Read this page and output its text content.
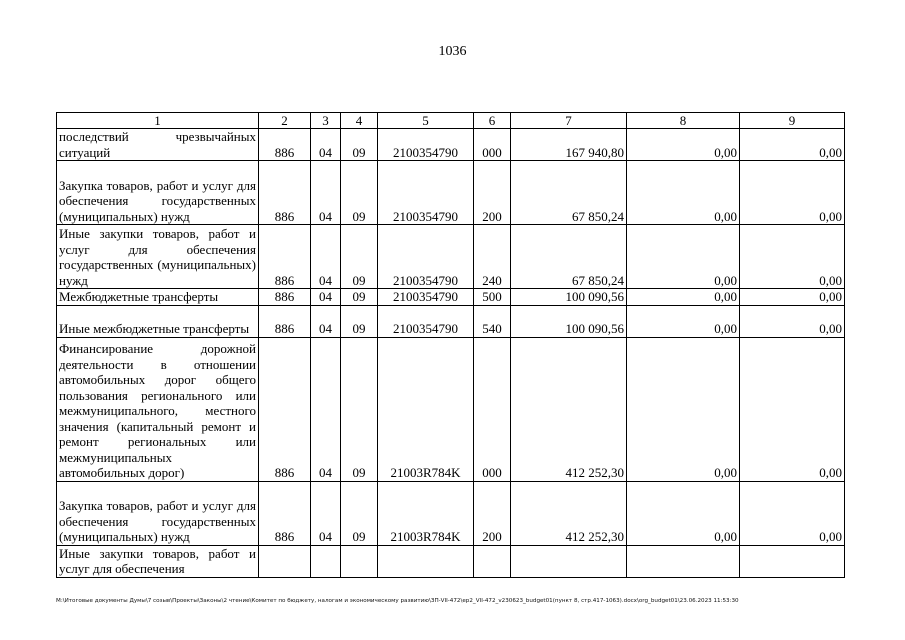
1036
1	2	3	4	5	6	7	8	9
последствий чрезвычайных ситуаций	886	04	09	2100354790	000	167 940,80	0,00	0,00
Закупка товаров, работ и услуг для обеспечения государственных (муниципальных) нужд	886	04	09	2100354790	200	67 850,24	0,00	0,00
Иные закупки товаров, работ и услуг для обеспечения государственных (муниципальных) нужд	886	04	09	2100354790	240	67 850,24	0,00	0,00
Межбюджетные трансферты	886	04	09	2100354790	500	100 090,56	0,00	0,00
Иные межбюджетные трансферты	886	04	09	2100354790	540	100 090,56	0,00	0,00
Финансирование дорожной деятельности в отношении автомобильных дорог общего пользования регионального или межмуниципального, местного значения (капитальный ремонт и ремонт региональных или межмуниципальных автомобильных дорог)	886	04	09	21003R784K	000	412 252,30	0,00	0,00
Закупка товаров, работ и услуг для обеспечения государственных (муниципальных) нужд	886	04	09	21003R784K	200	412 252,30	0,00	0,00
Иные закупки товаров, работ и услуг для обеспечения								
M:\Итоговые документы Думы\7 созыв\Проекты\Законы\2 чтение\Комитет по бюджету, налогам и экономическому развитию\ЗП-VII-472\ep2_VII-472_v230623_budget01(пункт 8, стр.417-1063).docx\org_budget01\23.06.2023 11:53:30
